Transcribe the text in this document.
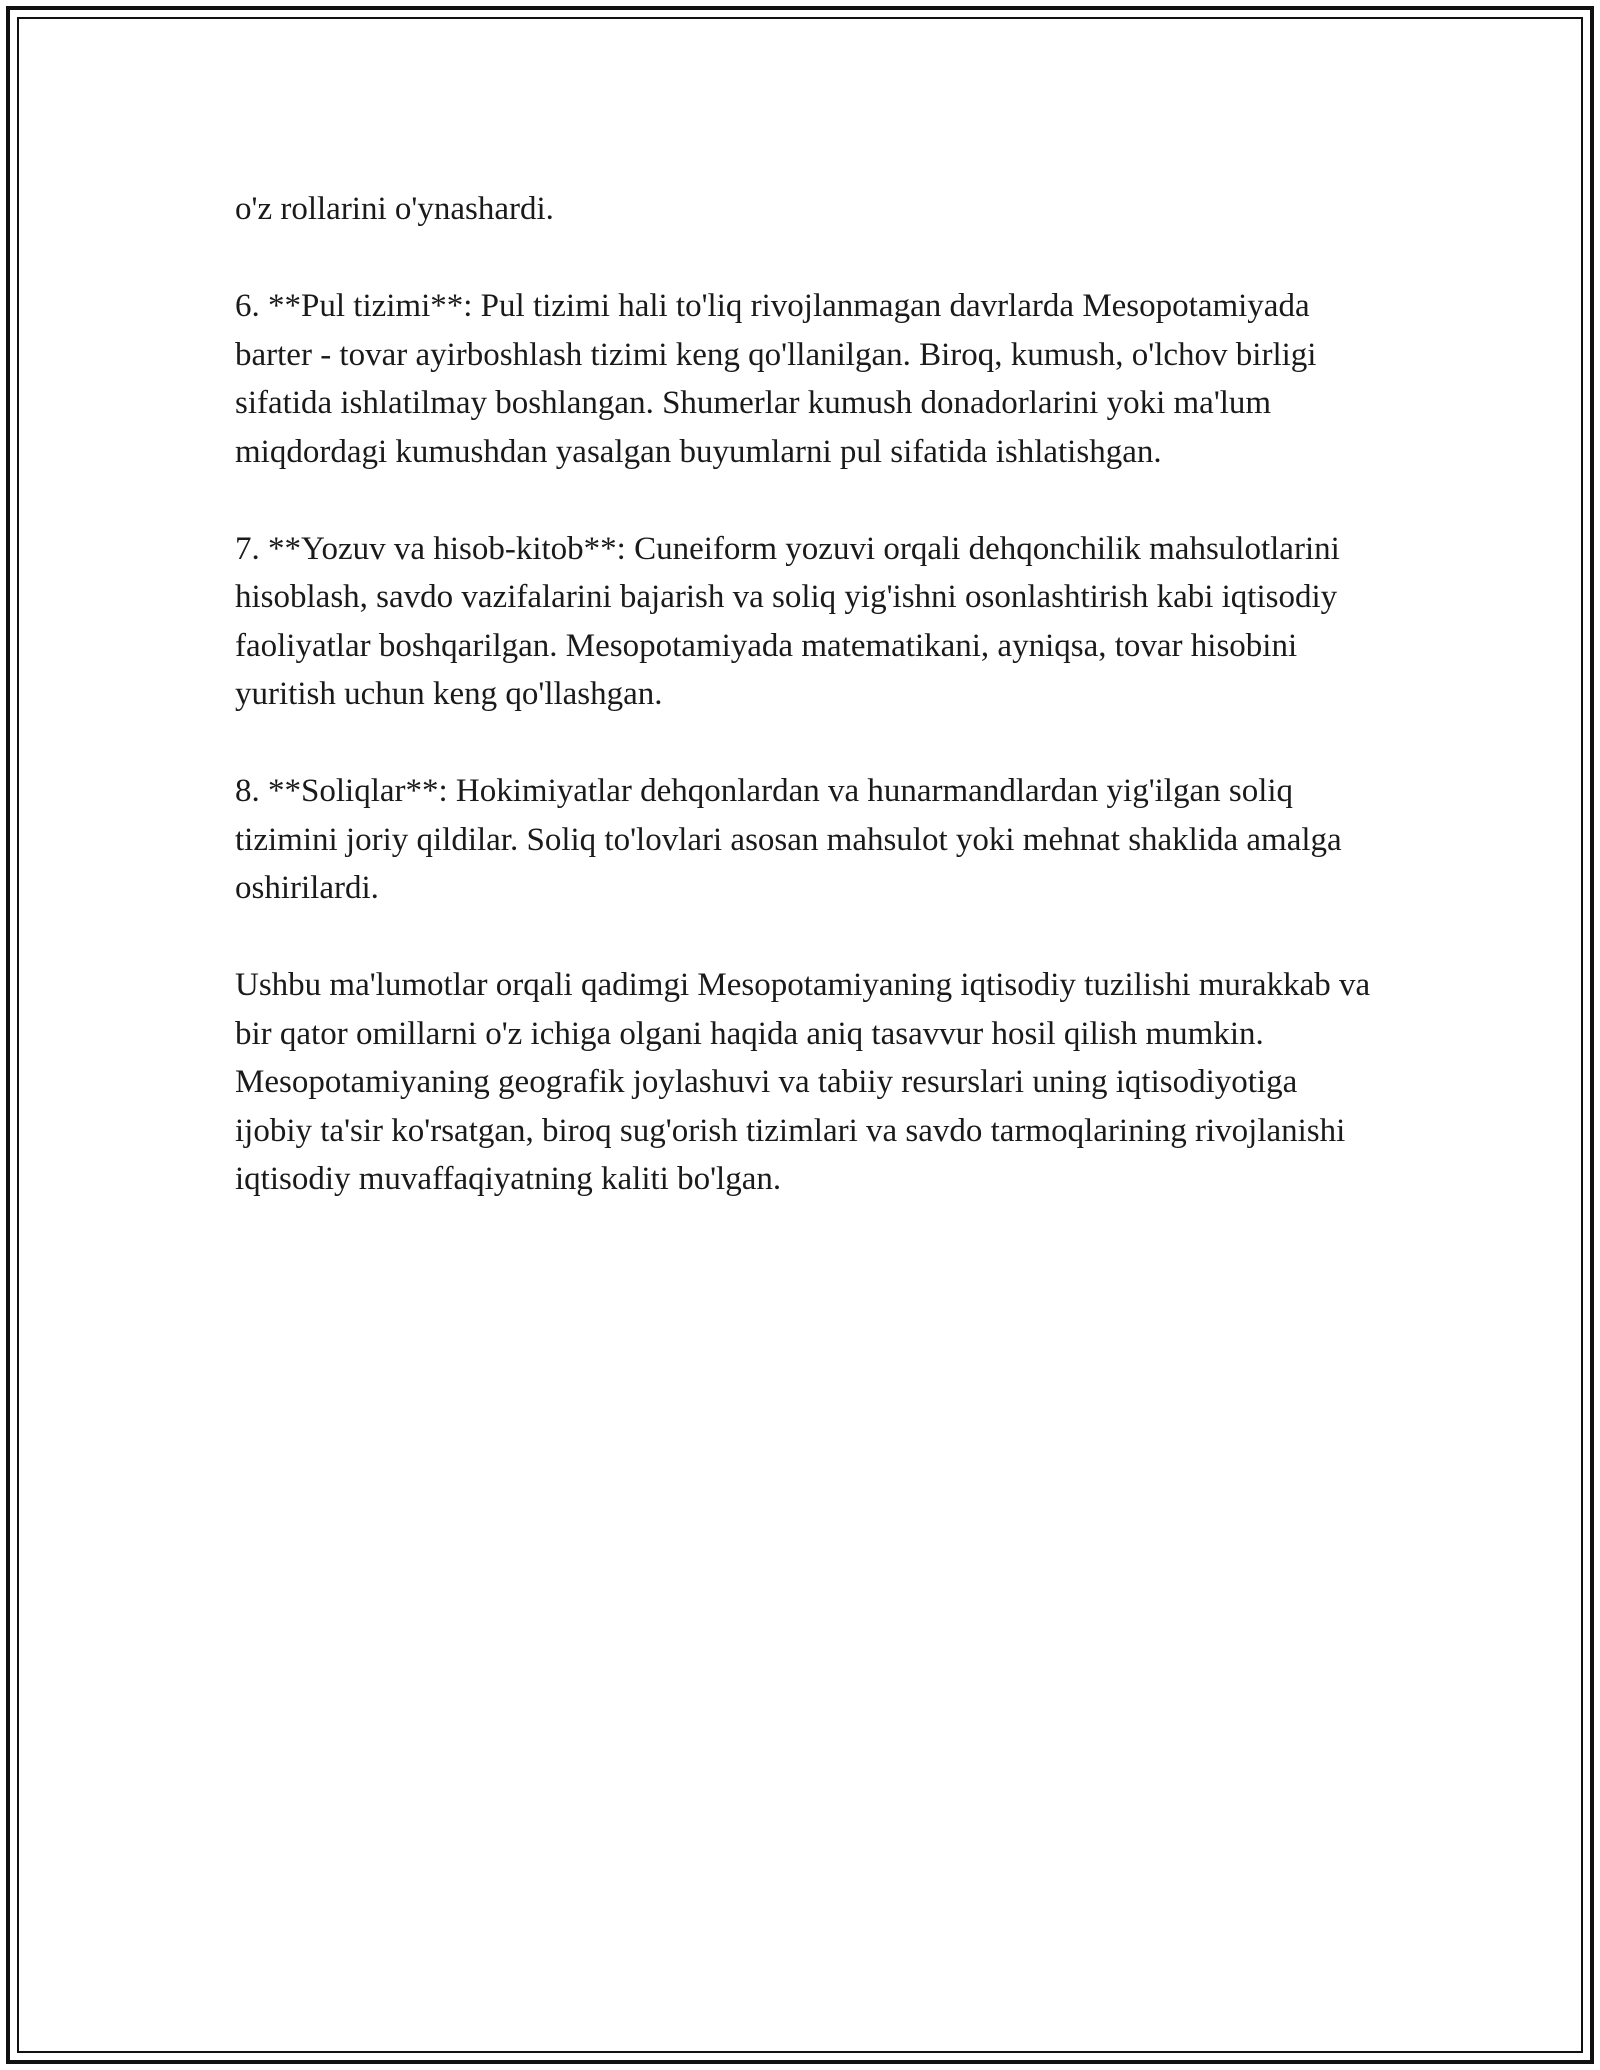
o'z rollarini o'ynashardi.

6. **Pul tizimi**: Pul tizimi hali to'liq rivojlanmagan davrlarda Mesopotamiyada barter - tovar ayirboshlash tizimi keng qo'llanilgan. Biroq, kumush, o'lchov birligi sifatida ishlatilmay boshlangan. Shumerlar kumush donadorlarini yoki ma'lum miqdordagi kumushdan yasalgan buyumlarni pul sifatida ishlatishgan.

7. **Yozuv va hisob-kitob**: Cuneiform yozuvi orqali dehqonchilik mahsulotlarini hisoblash, savdo vazifalarini bajarish va soliq yig'ishni osonlashtirish kabi iqtisodiy faoliyatlar boshqarilgan. Mesopotamiyada matematikani, ayniqsa, tovar hisobini yuritish uchun keng qo'llashgan.

8. **Soliqlar**: Hokimiyatlar dehqonlardan va hunarmandlardan yig'ilgan soliq tizimini joriy qildilar. Soliq to'lovlari asosan mahsulot yoki mehnat shaklida amalga oshirilardi.

Ushbu ma'lumotlar orqali qadimgi Mesopotamiyaning iqtisodiy tuzilishi murakkab va bir qator omillarni o'z ichiga olgani haqida aniq tasavvur hosil qilish mumkin. Mesopotamiyaning geografik joylashuvi va tabiiy resurslari uning iqtisodiyotiga ijobiy ta'sir ko'rsatgan, biroq sug'orish tizimlari va savdo tarmoqlarining rivojlanishi iqtisodiy muvaffaqiyatning kaliti bo'lgan.
